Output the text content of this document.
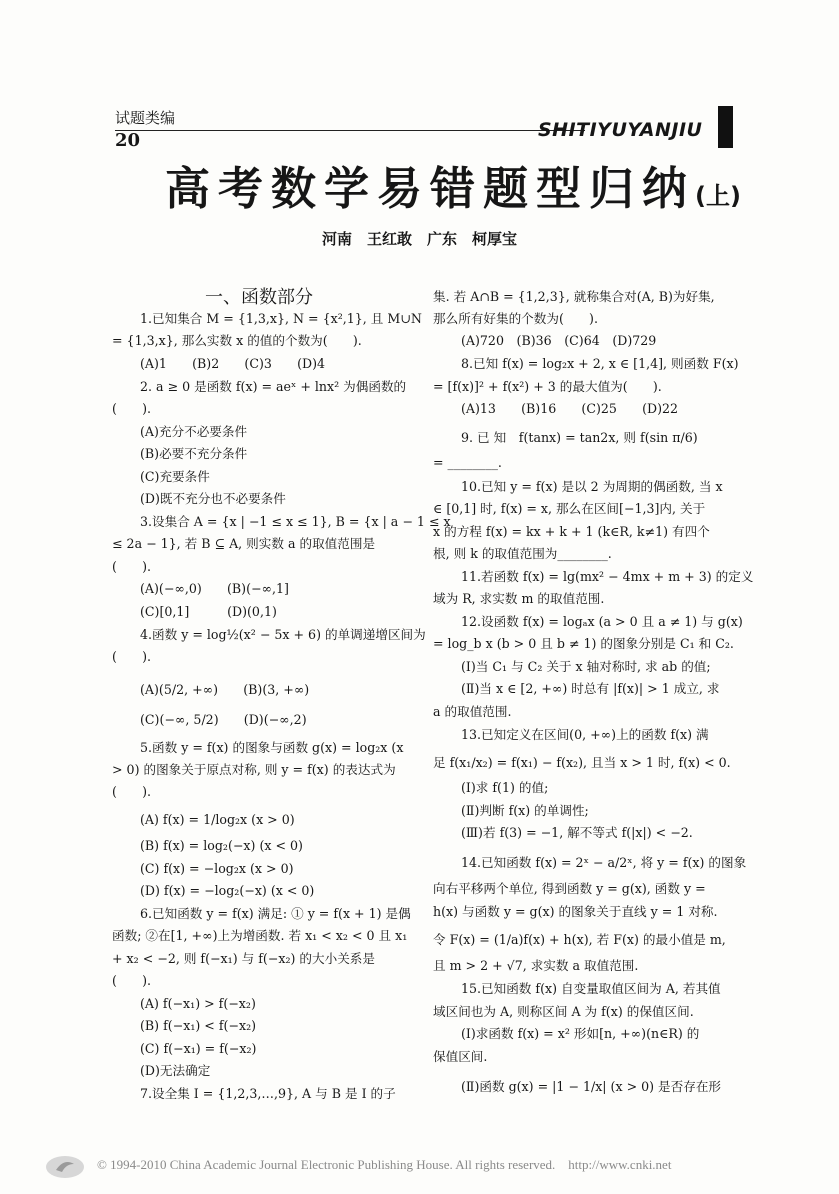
试题类编
20	SHITIYUYANJIU
高考数学易错题型归纳(上)
河南　王红敢　广东　柯厚宝
一、函数部分
1.已知集合 M = {1,3,x}, N = {x²,1}, 且 M∪N
= {1,3,x}, 那么实数 x 的值的个数为(　　).
(A)1　　(B)2　　(C)3　　(D)4
2. a ≥ 0 是函数 f(x) = aeˣ + lnx² 为偶函数的
(　　).
(A)充分不必要条件
(B)必要不充分条件
(C)充要条件
(D)既不充分也不必要条件
3.设集合 A = {x | −1 ≤ x ≤ 1}, B = {x | a − 1 ≤ x
≤ 2a − 1}, 若 B ⊆ A, 则实数 a 的取值范围是
(　　).
(A)(−∞,0)　　(B)(−∞,1]
(C)[0,1]　　　(D)(0,1)
4.函数 y = log½(x² − 5x + 6) 的单调递增区间为
(　　).
(A)(5/2, +∞)　　(B)(3, +∞)
(C)(−∞, 5/2)　　(D)(−∞,2)
5.函数 y = f(x) 的图象与函数 g(x) = log₂x (x
> 0) 的图象关于原点对称, 则 y = f(x) 的表达式为
(　　).
(A) f(x) = 1/log₂x (x > 0)
(B) f(x) = log₂(−x) (x < 0)
(C) f(x) = −log₂x (x > 0)
(D) f(x) = −log₂(−x) (x < 0)
6.已知函数 y = f(x) 满足: ① y = f(x + 1) 是偶
函数; ②在[1, +∞)上为增函数. 若 x₁ < x₂ < 0 且 x₁
+ x₂ < −2, 则 f(−x₁) 与 f(−x₂) 的大小关系是
(　　).
(A) f(−x₁) > f(−x₂)
(B) f(−x₁) < f(−x₂)
(C) f(−x₁) = f(−x₂)
(D)无法确定
7.设全集 I = {1,2,3,…,9}, A 与 B 是 I 的子
集. 若 A∩B = {1,2,3}, 就称集合对(A, B)为好集,
那么所有好集的个数为(　　).
(A)720　(B)36　(C)64　(D)729
8.已知 f(x) = log₂x + 2, x ∈ [1,4], 则函数 F(x)
= [f(x)]² + f(x²) + 3 的最大值为(　　).
(A)13　　(B)16　　(C)25　　(D)22
9. 已 知　f(tanx) = tan2x, 则 f(sin π/6)
= ________.
10.已知 y = f(x) 是以 2 为周期的偶函数, 当 x
∈ [0,1] 时, f(x) = x, 那么在区间[−1,3]内, 关于
x 的方程 f(x) = kx + k + 1 (k∈R, k≠1) 有四个
根, 则 k 的取值范围为________.
11.若函数 f(x) = lg(mx² − 4mx + m + 3) 的定义
域为 R, 求实数 m 的取值范围.
12.设函数 f(x) = logₐx (a > 0 且 a ≠ 1) 与 g(x)
= log_b x (b > 0 且 b ≠ 1) 的图象分别是 C₁ 和 C₂.
(Ⅰ)当 C₁ 与 C₂ 关于 x 轴对称时, 求 ab 的值;
(Ⅱ)当 x ∈ [2, +∞) 时总有 |f(x)| > 1 成立, 求
a 的取值范围.
13.已知定义在区间(0, +∞)上的函数 f(x) 满
足 f(x₁/x₂) = f(x₁) − f(x₂), 且当 x > 1 时, f(x) < 0.
(Ⅰ)求 f(1) 的值;
(Ⅱ)判断 f(x) 的单调性;
(Ⅲ)若 f(3) = −1, 解不等式 f(|x|) < −2.
14.已知函数 f(x) = 2ˣ − a/2ˣ, 将 y = f(x) 的图象
向右平移两个单位, 得到函数 y = g(x), 函数 y =
h(x) 与函数 y = g(x) 的图象关于直线 y = 1 对称.
令 F(x) = (1/a)f(x) + h(x), 若 F(x) 的最小值是 m,
且 m > 2 + √7, 求实数 a 取值范围.
15.已知函数 f(x) 自变量取值区间为 A, 若其值
域区间也为 A, 则称区间 A 为 f(x) 的保值区间.
(Ⅰ)求函数 f(x) = x² 形如[n, +∞)(n∈R) 的
保值区间.
(Ⅱ)函数 g(x) = |1 − 1/x| (x > 0) 是否存在形
© 1994-2010 China Academic Journal Electronic Publishing House. All rights reserved. http://www.cnki.net
